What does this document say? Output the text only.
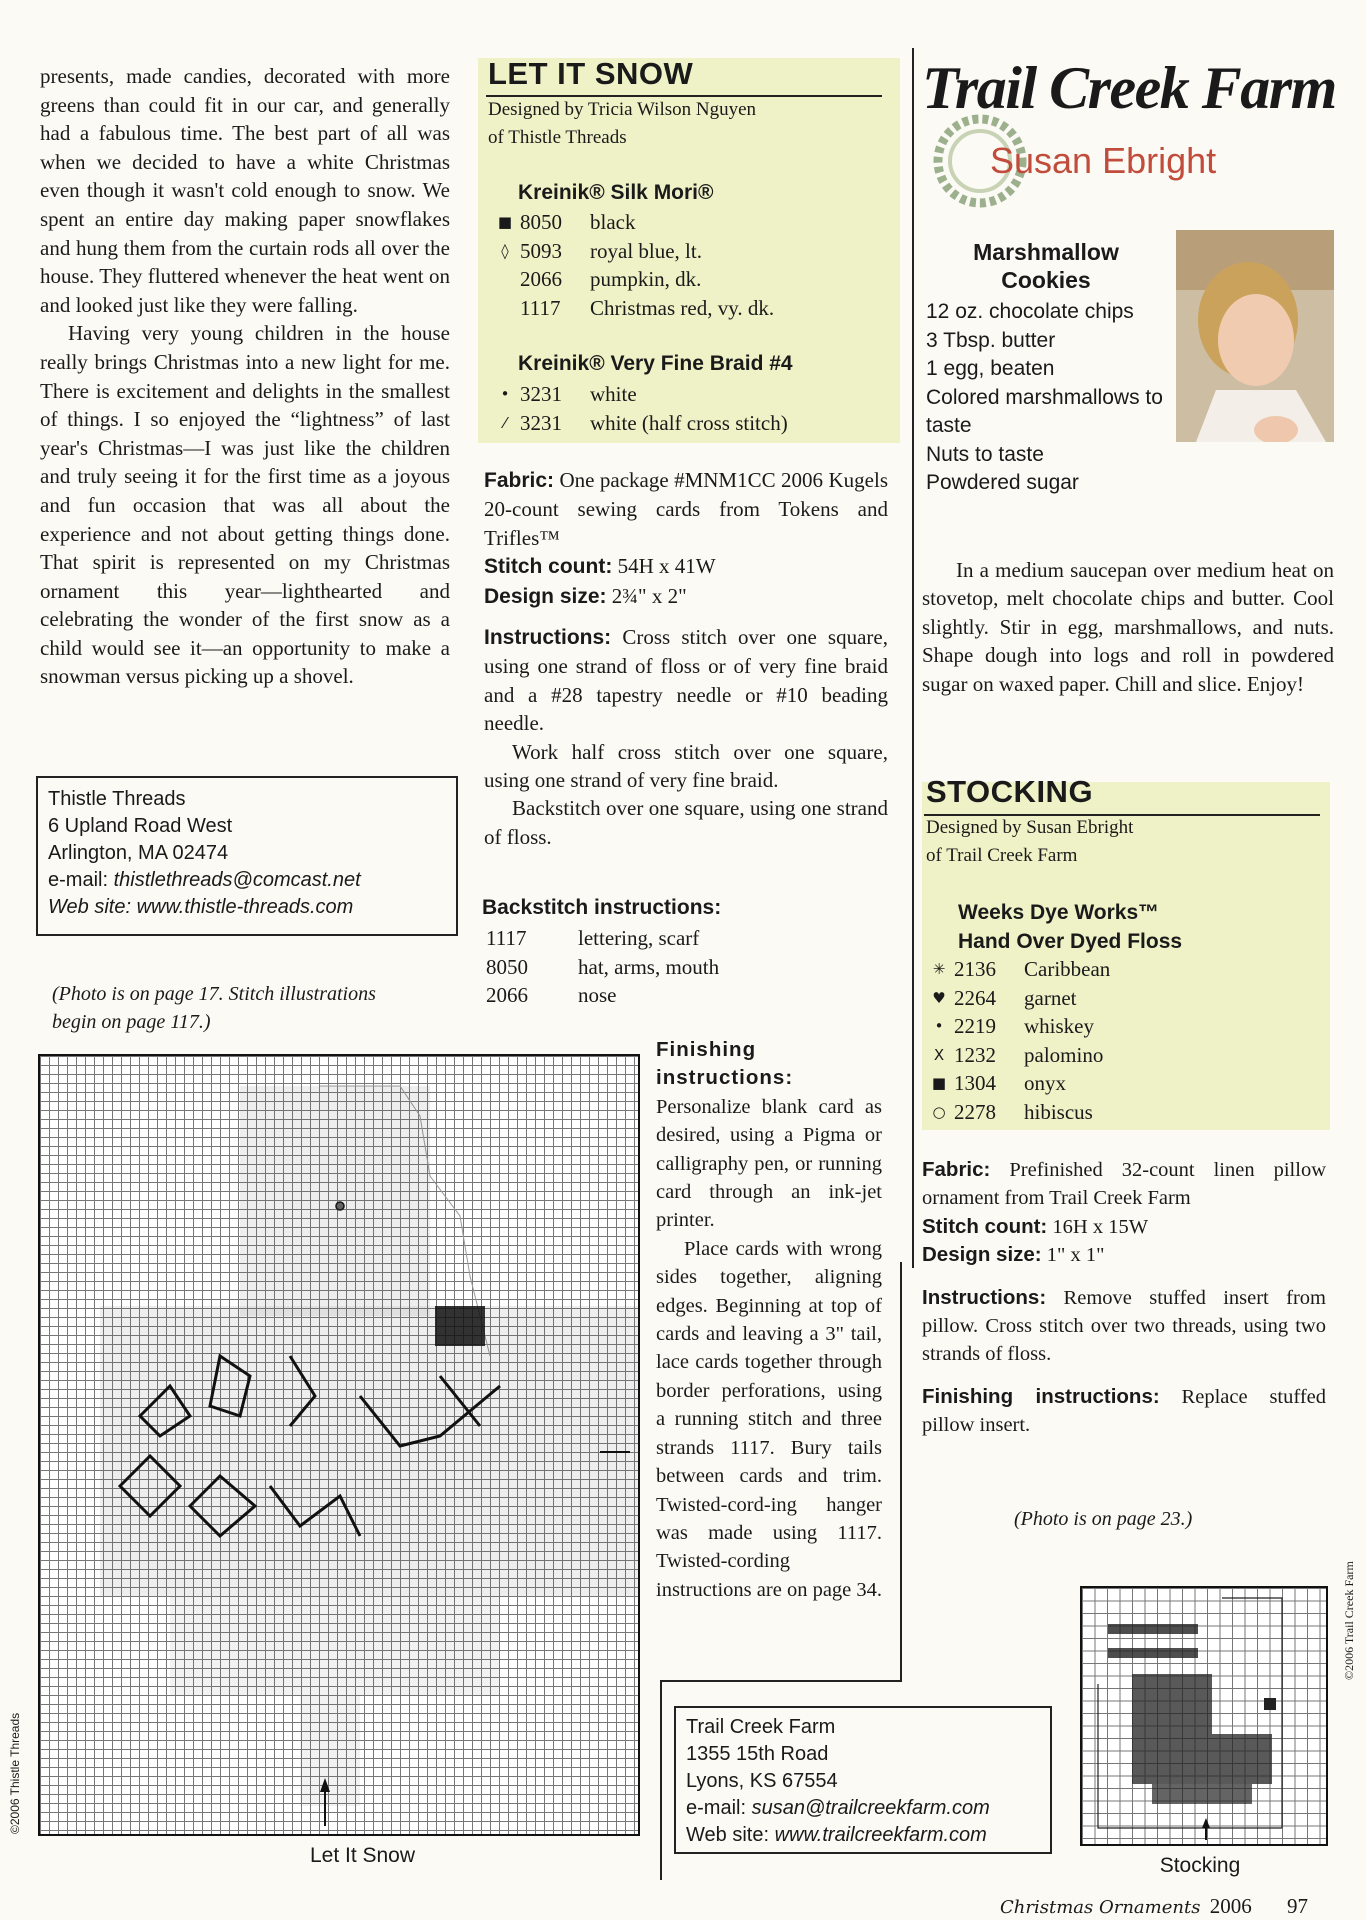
presents, made candies, decorated with more greens than could fit in our car, and generally had a fabulous time. The best part of all was when we decided to have a white Christmas even though it wasn't cold enough to snow. We spent an entire day making paper snowflakes and hung them from the curtain rods all over the house. They fluttered whenever the heat went on and looked just like they were falling.

Having very young children in the house really brings Christmas into a new light for me. There is excitement and delights in the smallest of things. I so enjoyed the “lightness” of last year's Christmas—I was just like the children and truly seeing it for the first time as a joyous and fun occasion that was all about the experience and not about getting things done. That spirit is represented on my Christmas ornament this year—lighthearted and celebrating the wonder of the first snow as a child would see it—an opportunity to make a snowman versus picking up a shovel.

Thistle Threads
6 Upland Road West
Arlington, MA 02474
e-mail: thistlethreads@comcast.net
Web site: www.thistle-threads.com
(Photo is on page 17. Stitch illustrations begin on page 117.)
LET IT SNOW
Designed by Tricia Wilson Nguyen
of Thistle Threads
Kreinik® Silk Mori®
■ 8050	black
◊ 5093	royal blue, lt.
2066	pumpkin, dk.
1117	Christmas red, vy. dk.
Kreinik® Very Fine Braid #4
• 3231	white
⁄ 3231	white (half cross stitch)

Fabric: One package #MNM1CC 2006 Kugels 20-count sewing cards from Tokens and Trifles™

Stitch count: 54H x 41W

Design size: 2¾" x 2"

Instructions: Cross stitch over one square, using one strand of floss or of very fine braid and a #28 tapestry needle or #10 beading needle.

Work half cross stitch over one square, using one strand of very fine braid.

Backstitch over one square, using one strand of floss.

Backstitch instructions:
1117	lettering, scarf
8050	hat, arms, mouth
2066	nose

Finishing instructions: Personalize blank card as desired, using a Pigma or calligraphy pen, or running card through an ink-jet printer.

Place cards with wrong sides together, aligning edges. Beginning at top of cards and leaving a 3" tail, lace cards together through border perforations, using a running stitch and three strands 1117. Bury tails between cards and trim. Twisted-cord-ing hanger was made using 1117. Twisted-cording instructions are on page 34.

Let It Snow
©2006 Thistle Threads
Trail Creek Farm
Susan Ebright
Marshmallow Cookies
12 oz. chocolate chips
3 Tbsp. butter
1 egg, beaten
Colored marshmallows to taste
Nuts to taste
Powdered sugar
In a medium saucepan over medium heat on stovetop, melt chocolate chips and butter. Cool slightly. Stir in egg, marshmallows, and nuts. Shape dough into logs and roll in powdered sugar on waxed paper. Chill and slice. Enjoy!
STOCKING
Designed by Susan Ebright
of Trail Creek Farm
Weeks Dye Works™
Hand Over Dyed Floss
✳ 2136	Caribbean
♥ 2264	garnet
• 2219	whiskey
X 1232	palomino
■ 1304	onyx
○ 2278	hibiscus

Fabric: Prefinished 32-count linen pillow ornament from Trail Creek Farm

Stitch count: 16H x 15W

Design size: 1" x 1"

Instructions: Remove stuffed insert from pillow. Cross stitch over two threads, using two strands of floss.

Finishing instructions: Replace stuffed pillow insert.

(Photo is on page 23.)
Trail Creek Farm
1355 15th Road
Lyons, KS 67554
e-mail: susan@trailcreekfarm.com
Web site: www.trailcreekfarm.com
Stocking
©2006 Trail Creek Farm
Christmas Ornaments 2006 97
